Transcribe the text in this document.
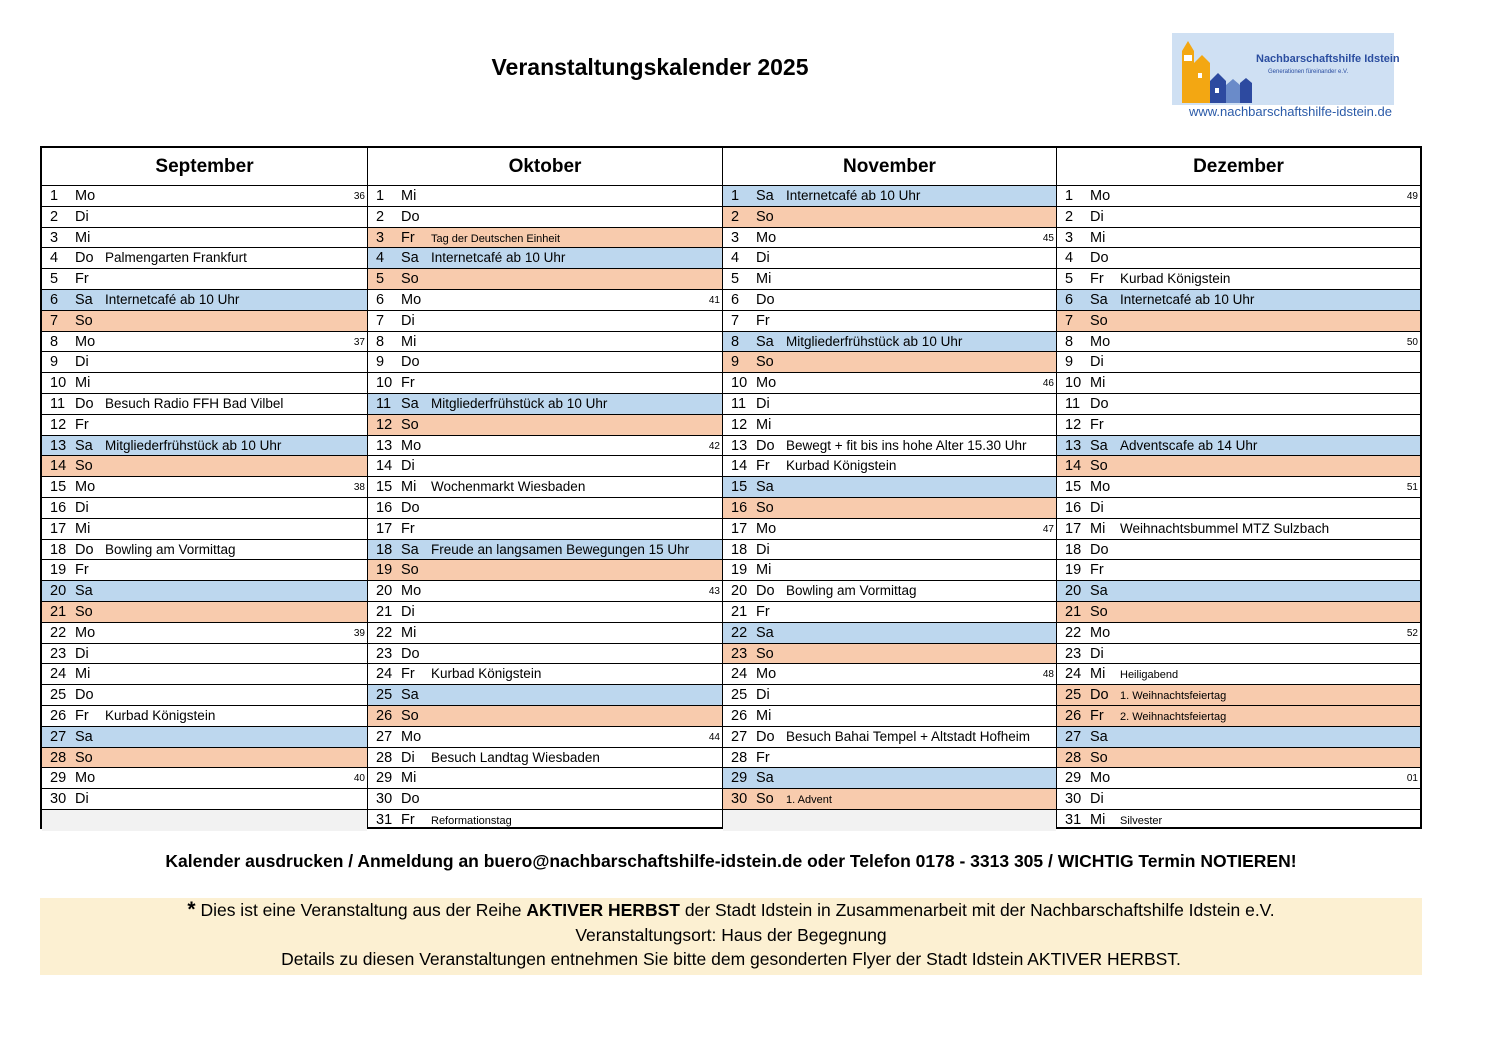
Veranstaltungskalender 2025	Nachbarschaftshilfe Idstein
Generationen füreinander e.V.
www.nachbarschaftshilfe-idstein.de
September
1	Mo	36
2	Di
3	Mi
4	Do Palmengarten Frankfurt
5	Fr
6	Sa Internetcafé ab 10 Uhr
7	So
8	Mo	37
9	Di
10 Mi
11 Do Besuch Radio FFH Bad Vilbel
12 Fr
13 Sa Mitgliederfrühstück ab 10 Uhr
14 So
15 Mo	38
16 Di
17 Mi
18 Do Bowling am Vormittag
19 Fr
20 Sa
21 So
22 Mo	39
23 Di
24 Mi
25 Do
26 Fr Kurbad Königstein
27 Sa
28 So
29 Mo	40
30 Di
Oktober
1	Mi
2	Do
3	Fr Tag der Deutschen Einheit
4	Sa Internetcafé ab 10 Uhr
5	So
6	Mo	41
7	Di
8	Mi
9	Do
10 Fr
11 Sa Mitgliederfrühstück ab 10 Uhr
12 So
13 Mo	42
14 Di
15 Mi Wochenmarkt Wiesbaden
16 Do
17 Fr
18 Sa Freude an langsamen Bewegungen 15 Uhr
19 So
20 Mo	43
21 Di
22 Mi
23 Do
24 Fr Kurbad Königstein
25 Sa
26 So
27 Mo	44
28 Di Besuch Landtag Wiesbaden
29 Mi
30 Do
31 Fr Reformationstag
November
1	Sa Internetcafé ab 10 Uhr
2	So
3	Mo	45
4	Di
5	Mi
6	Do
7	Fr
8	Sa Mitgliederfrühstück ab 10 Uhr
9	So
10 Mo	46
11 Di
12 Mi
13 Do Bewegt + fit bis ins hohe Alter 15.30 Uhr
14 Fr Kurbad Königstein
15 Sa
16 So
17 Mo	47
18 Di
19 Mi
20 Do Bowling am Vormittag
21 Fr
22 Sa
23 So
24 Mo	48
25 Di
26 Mi
27 Do Besuch Bahai Tempel + Altstadt Hofheim
28 Fr
29 Sa
30 So 1. Advent
Dezember
1	Mo	49
2	Di
3	Mi
4	Do
5	Fr Kurbad Königstein
6	Sa Internetcafé ab 10 Uhr
7	So
8	Mo	50
9	Di
10 Mi
11 Do
12 Fr
13 Sa Adventscafe ab 14 Uhr
14 So
15 Mo	51
16 Di
17 Mi Weihnachtsbummel MTZ Sulzbach
18 Do
19 Fr
20 Sa
21 So
22 Mo	52
23 Di
24 Mi Heiligabend
25 Do 1. Weihnachtsfeiertag
26 Fr 2. Weihnachtsfeiertag
27 Sa
28 So
29 Mo	01
30 Di
31 Mi Silvester
Kalender ausdrucken / Anmeldung an buero@nachbarschaftshilfe-idstein.de oder Telefon 0178 - 3313 305 / WICHTIG Termin NOTIEREN!
* Dies ist eine Veranstaltung aus der Reihe AKTIVER HERBST der Stadt Idstein in Zusammenarbeit mit der Nachbarschaftshilfe Idstein e.V.
Veranstaltungsort: Haus der Begegnung
Details zu diesen Veranstaltungen entnehmen Sie bitte dem gesonderten Flyer der Stadt Idstein AKTIVER HERBST.
